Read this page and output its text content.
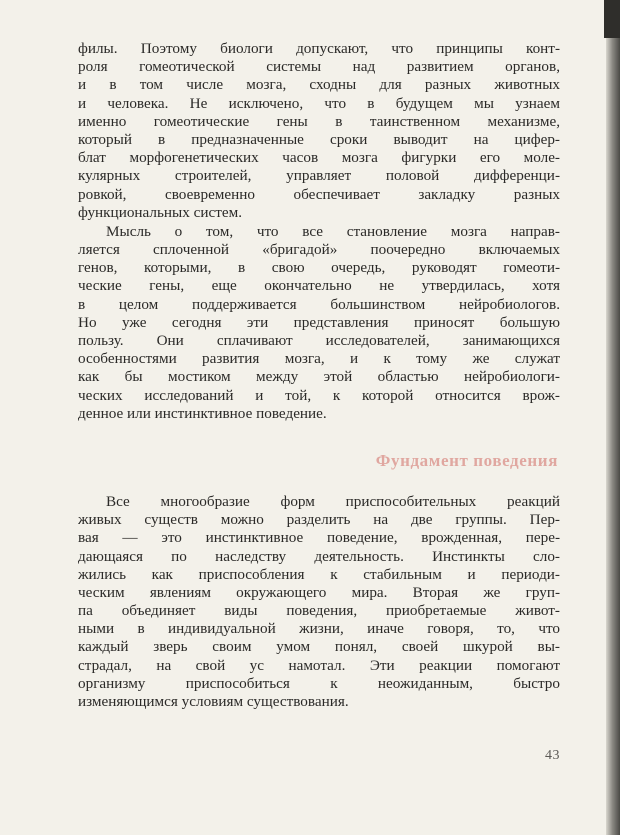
филы. Поэтому биологи допускают, что принципы конт-
роля гомеотической системы над развитием органов,
и в том числе мозга, сходны для разных животных
и человека. Не исключено, что в будущем мы узнаем
именно гомеотические гены в таинственном механизме,
который в предназначенные сроки выводит на цифер-
блат морфогенетических часов мозга фигурки его моле-
кулярных строителей, управляет половой дифференци-
ровкой, своевременно обеспечивает закладку разных
функциональных систем.
Мысль о том, что все становление мозга направ-
ляется сплоченной «бригадой» поочередно включаемых
генов, которыми, в свою очередь, руководят гомеоти-
ческие гены, еще окончательно не утвердилась, хотя
в целом поддерживается большинством нейробиологов.
Но уже сегодня эти представления приносят большую
пользу. Они сплачивают исследователей, занимающихся
особенностями развития мозга, и к тому же служат
как бы мостиком между этой областью нейробиологи-
ческих исследований и той, к которой относится врож-
денное или инстинктивное поведение.
Фундамент поведения
Все многообразие форм приспособительных реакций
живых существ можно разделить на две группы. Пер-
вая — это инстинктивное поведение, врожденная, пере-
дающаяся по наследству деятельность. Инстинкты сло-
жились как приспособления к стабильным и периоди-
ческим явлениям окружающего мира. Вторая же груп-
па объединяет виды поведения, приобретаемые живот-
ными в индивидуальной жизни, иначе говоря, то, что
каждый зверь своим умом понял, своей шкурой вы-
страдал, на свой ус намотал. Эти реакции помогают
организму приспособиться к неожиданным, быстро
изменяющимся условиям существования.
43
